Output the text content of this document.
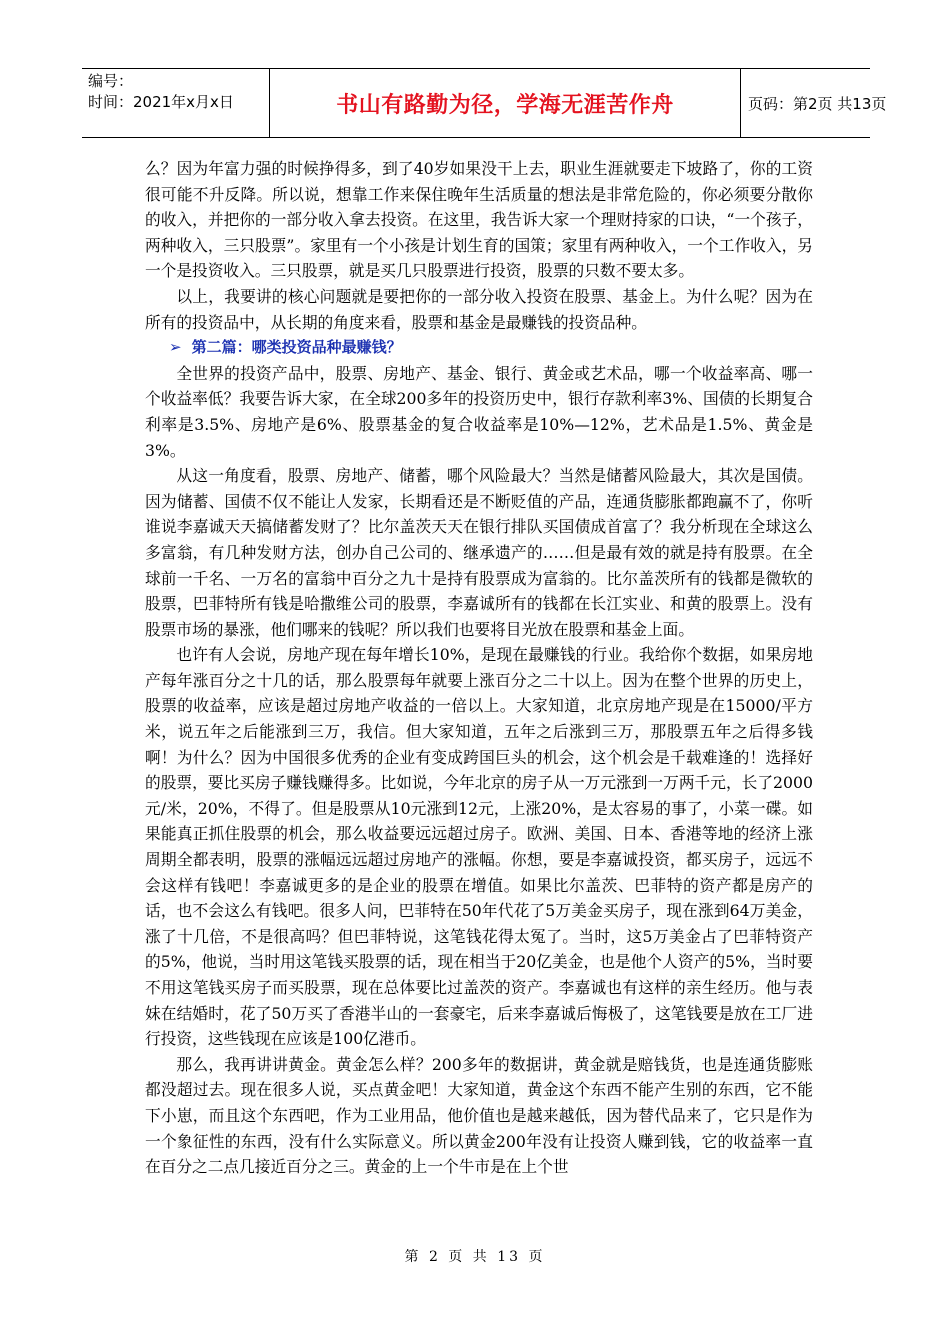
编号：
时间：2021年x月x日	书山有路勤为径，学海无涯苦作舟	页码：第2页 共13页

么？因为年富力强的时候挣得多，到了40岁如果没干上去，职业生涯就要走下坡路了，你的工资很可能不升反降。所以说，想靠工作来保住晚年生活质量的想法是非常危险的，你必须要分散你的收入，并把你的一部分收入拿去投资。在这里，我告诉大家一个理财持家的口诀，“一个孩子，两种收入，三只股票”。家里有一个小孩是计划生育的国策；家里有两种收入，一个工作收入，另一个是投资收入。三只股票，就是买几只股票进行投资，股票的只数不要太多。

以上，我要讲的核心问题就是要把你的一部分收入投资在股票、基金上。为什么呢？因为在所有的投资品中，从长期的角度来看，股票和基金是最赚钱的投资品种。

➢ 第二篇：哪类投资品种最赚钱？

全世界的投资产品中，股票、房地产、基金、银行、黄金或艺术品，哪一个收益率高、哪一个收益率低？我要告诉大家，在全球200多年的投资历史中，银行存款利率3%、国债的长期复合利率是3.5%、房地产是6%、股票基金的复合收益率是10%—12%，艺术品是1.5%、黄金是3%。

从这一角度看，股票、房地产、储蓄，哪个风险最大？当然是储蓄风险最大，其次是国债。因为储蓄、国债不仅不能让人发家，长期看还是不断贬值的产品，连通货膨胀都跑赢不了，你听谁说李嘉诚天天搞储蓄发财了？比尔盖茨天天在银行排队买国债成首富了？我分析现在全球这么多富翁，有几种发财方法，创办自己公司的、继承遗产的……但是最有效的就是持有股票。在全球前一千名、一万名的富翁中百分之九十是持有股票成为富翁的。比尔盖茨所有的钱都是微软的股票，巴菲特所有钱是哈撒维公司的股票，李嘉诚所有的钱都在长江实业、和黄的股票上。没有股票市场的暴涨，他们哪来的钱呢？所以我们也要将目光放在股票和基金上面。

也许有人会说，房地产现在每年增长10%，是现在最赚钱的行业。我给你个数据，如果房地产每年涨百分之十几的话，那么股票每年就要上涨百分之二十以上。因为在整个世界的历史上，股票的收益率，应该是超过房地产收益的一倍以上。大家知道，北京房地产现是在15000/平方米，说五年之后能涨到三万，我信。但大家知道，五年之后涨到三万，那股票五年之后得多钱啊！为什么？因为中国很多优秀的企业有变成跨国巨头的机会，这个机会是千载难逢的！选择好的股票，要比买房子赚钱赚得多。比如说，今年北京的房子从一万元涨到一万两千元，长了2000元/米，20%，不得了。但是股票从10元涨到12元，上涨20%，是太容易的事了，小菜一碟。如果能真正抓住股票的机会，那么收益要远远超过房子。欧洲、美国、日本、香港等地的经济上涨周期全都表明，股票的涨幅远远超过房地产的涨幅。你想，要是李嘉诚投资，都买房子，远远不会这样有钱吧！李嘉诚更多的是企业的股票在增值。如果比尔盖茨、巴菲特的资产都是房产的话，也不会这么有钱吧。很多人问，巴菲特在50年代花了5万美金买房子，现在涨到64万美金，涨了十几倍，不是很高吗？但巴菲特说，这笔钱花得太冤了。当时，这5万美金占了巴菲特资产的5%，他说，当时用这笔钱买股票的话，现在相当于20亿美金，也是他个人资产的5%，当时要不用这笔钱买房子而买股票，现在总体要比过盖茨的资产。李嘉诚也有这样的亲生经历。他与表妹在结婚时，花了50万买了香港半山的一套豪宅，后来李嘉诚后悔极了，这笔钱要是放在工厂进行投资，这些钱现在应该是100亿港币。

那么，我再讲讲黄金。黄金怎么样？200多年的数据讲，黄金就是赔钱货，也是连通货膨账都没超过去。现在很多人说，买点黄金吧！大家知道，黄金这个东西不能产生别的东西，它不能下小崽，而且这个东西吧，作为工业用品，他价值也是越来越低，因为替代品来了，它只是作为一个象征性的东西，没有什么实际意义。所以黄金200年没有让投资人赚到钱，它的收益率一直在百分之二点几接近百分之三。黄金的上一个牛市是在上个世

第 2 页 共 13 页
